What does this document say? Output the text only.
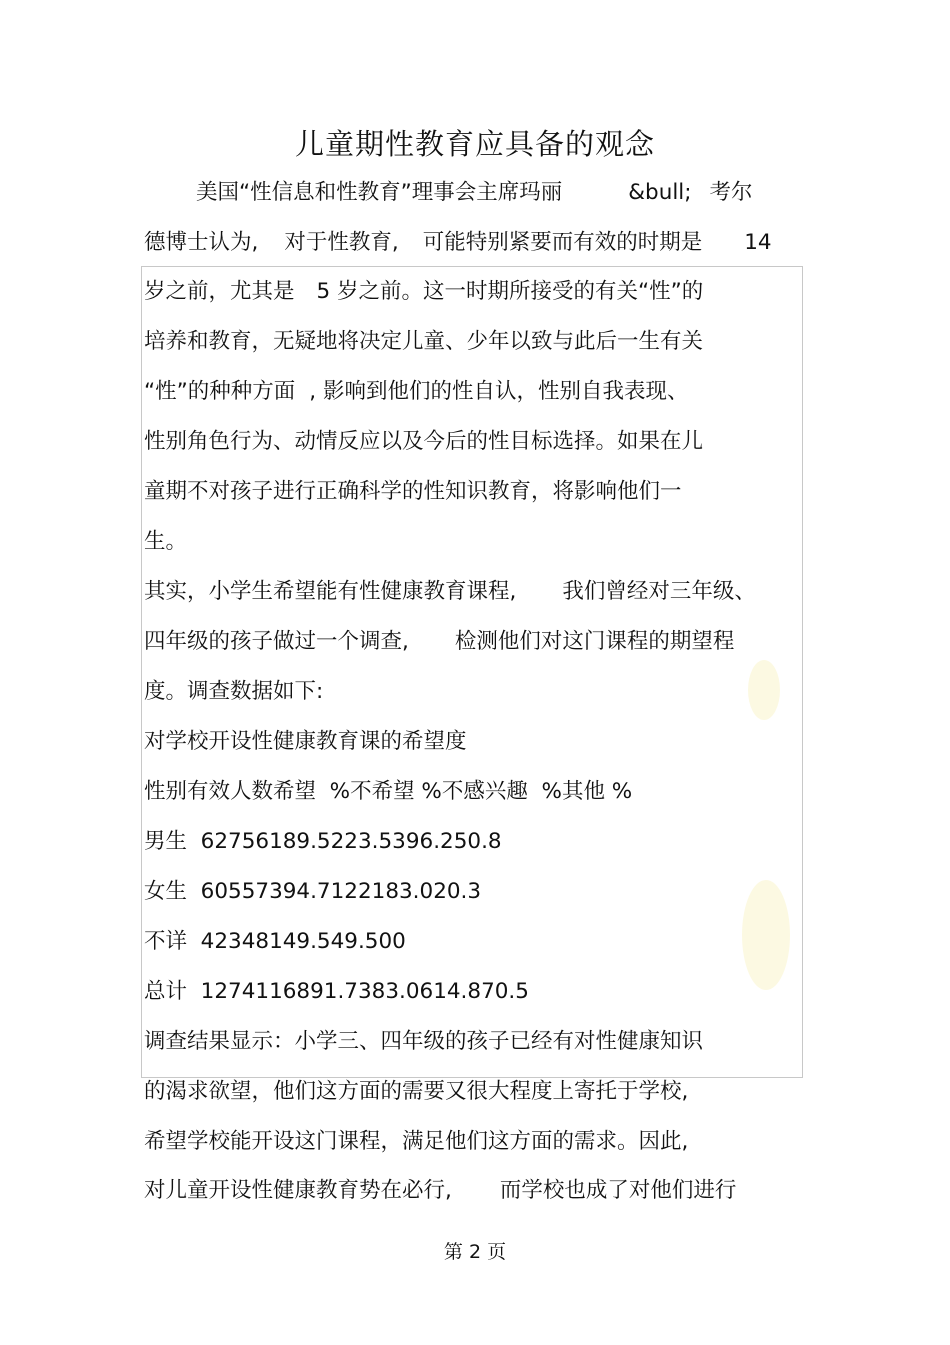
儿童期性教育应具备的观念
美国“性信息和性教育”理事会主席玛丽	&bull; 考尔
德博士认为, 对于性教育, 可能特别紧要而有效的时期是 14
岁之前，尤其是 5 岁之前。这一时期所接受的有关“性”的
培养和教育，无疑地将决定儿童、少年以致与此后一生有关
“性”的种种方面 , 影响到他们的性自认，性别自我表现、
性别角色行为、动情反应以及今后的性目标选择。如果在儿
童期不对孩子进行正确科学的性知识教育，将影响他们一
生。
其实，小学生希望能有性健康教育课程, 我们曾经对三年级、
四年级的孩子做过一个调查, 检测他们对这门课程的期望程
度。调查数据如下:
对学校开设性健康教育课的希望度
性别有效人数希望  %不希望 %不感兴趣  %其他 %
男生  62756189.5223.5396.250.8
女生  60557394.7122183.020.3
不详  42348149.549.500
总计  1274116891.7383.0614.870.5
调查结果显示：小学三、四年级的孩子已经有对性健康知识
的渴求欲望，他们这方面的需要又很大程度上寄托于学校,
希望学校能开设这门课程，满足他们这方面的需求。因此,
对儿童开设性健康教育势在必行, 而学校也成了对他们进行
第 2 页
